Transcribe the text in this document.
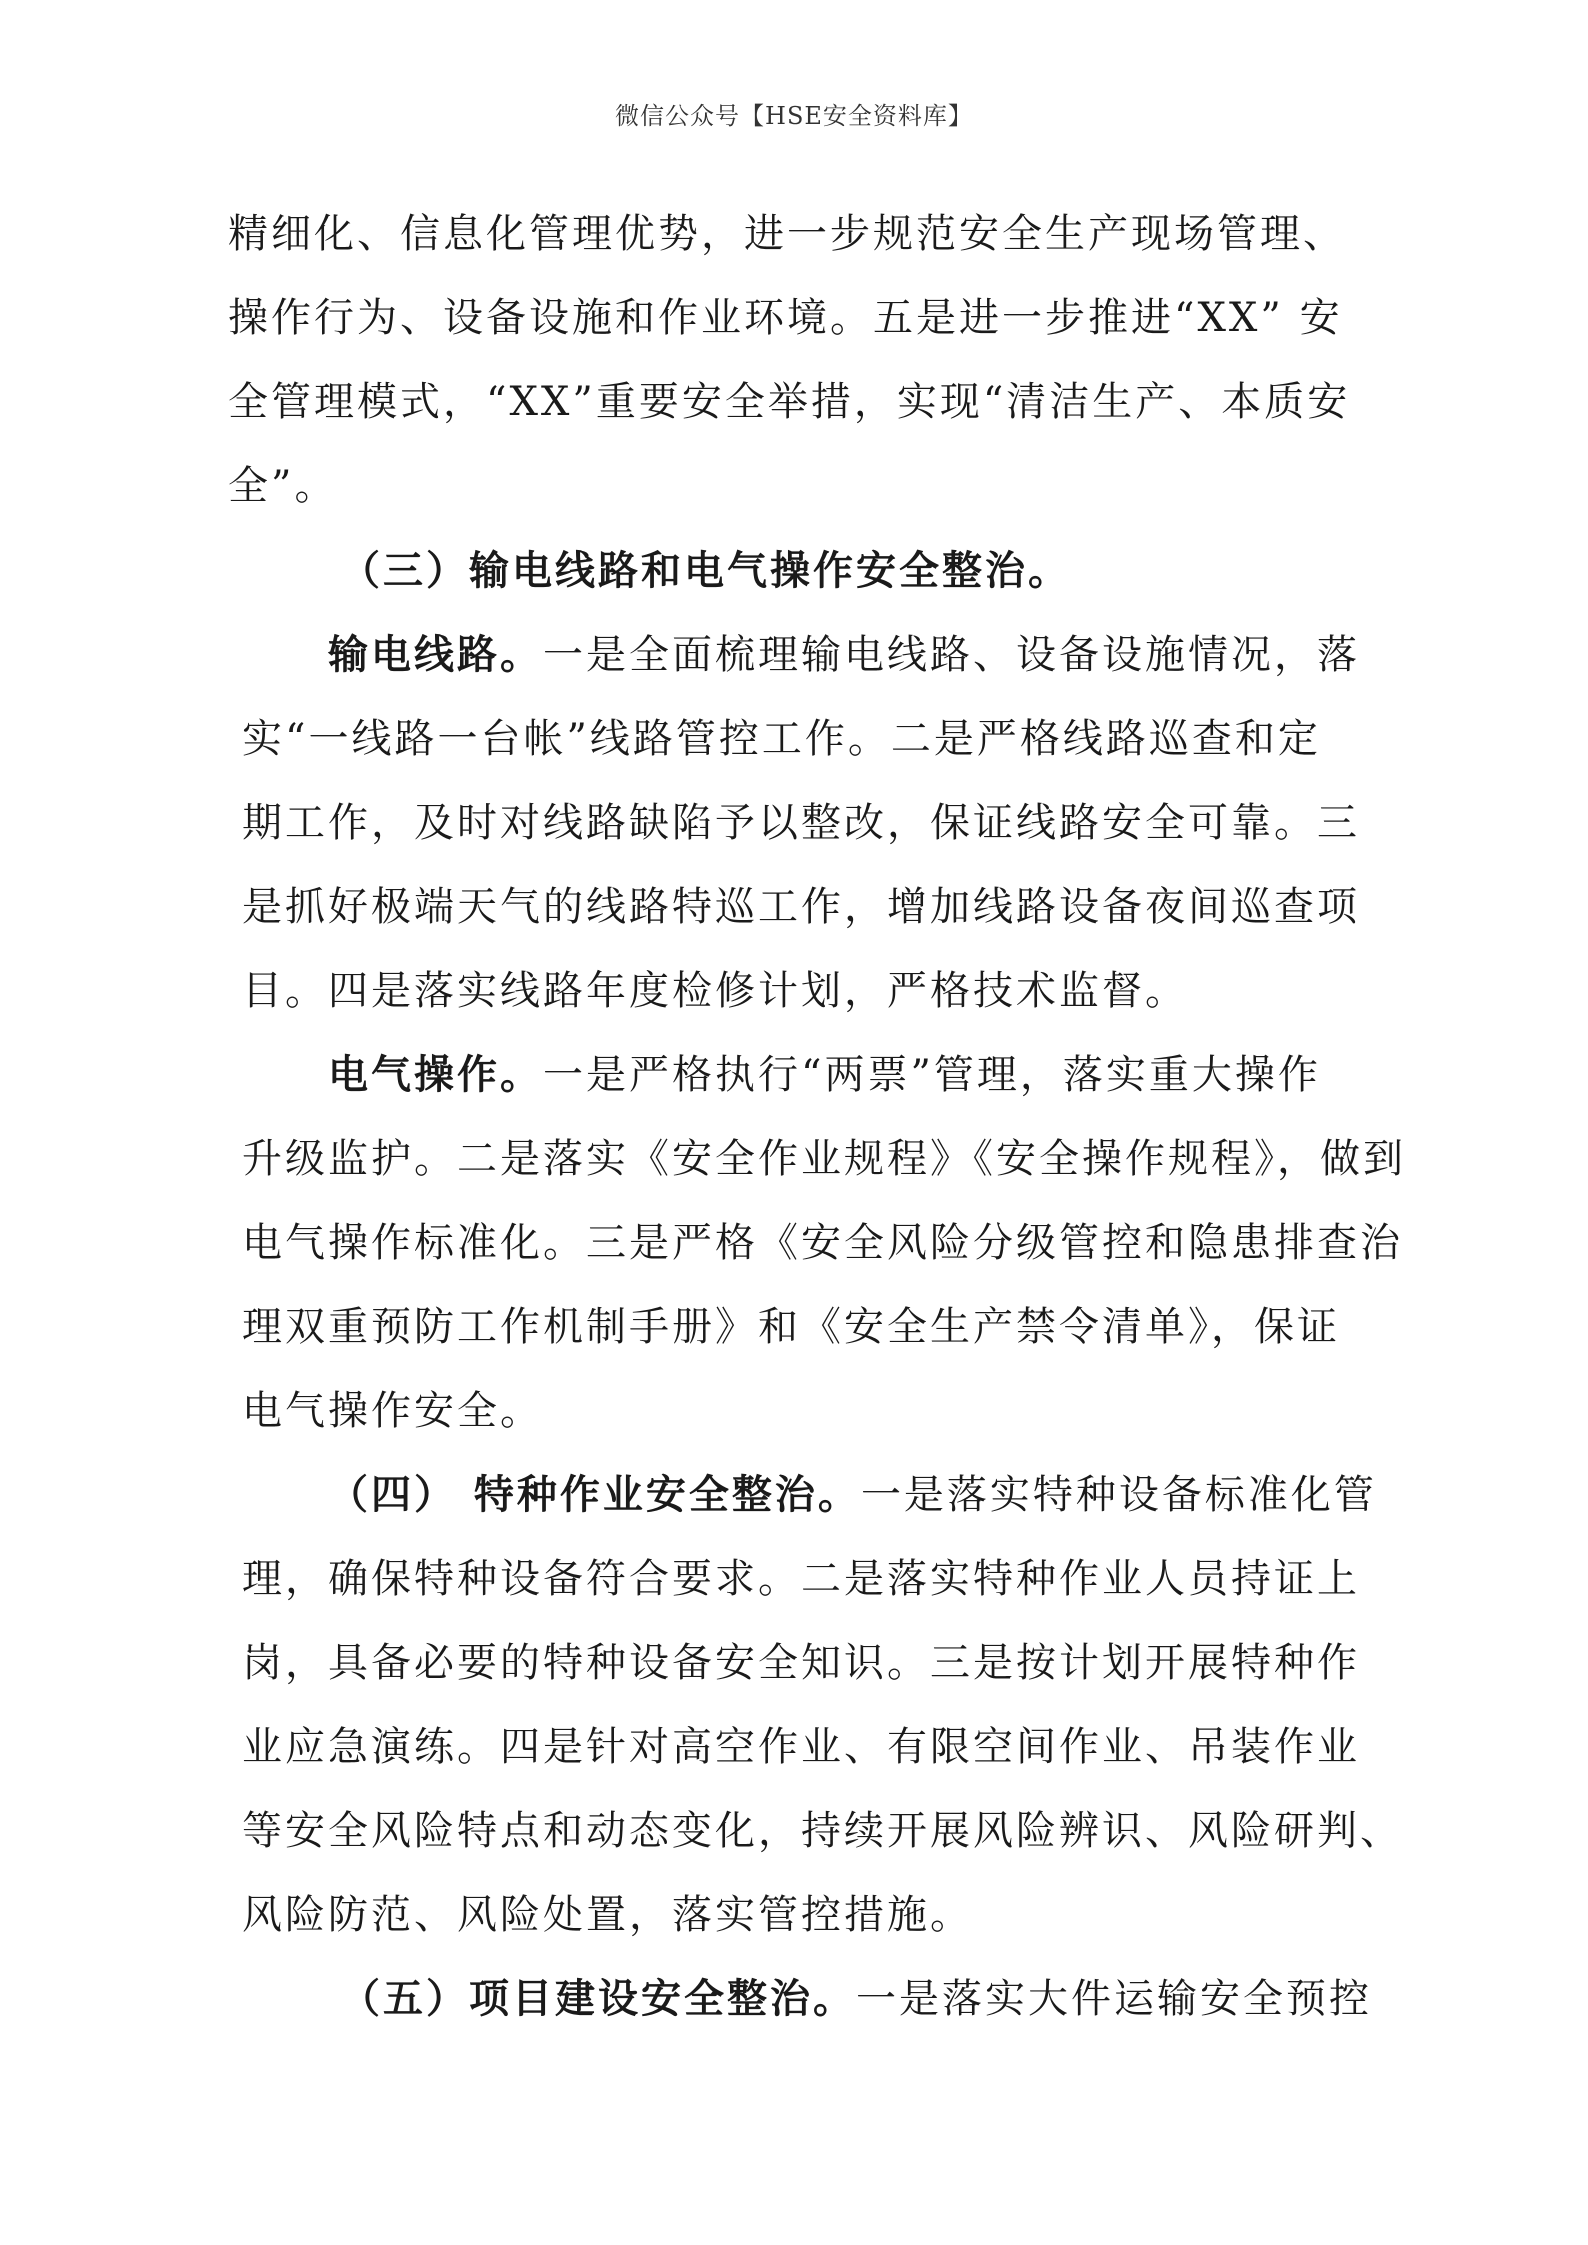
微信公众号【HSE安全资料库】
精细化、信息化管理优势，进一步规范安全生产现场管理、
操作行为、设备设施和作业环境。五是进一步推进“XX” 安
全管理模式，“XX”重要安全举措，实现“清洁生产、本质安
全”。
（三）输电线路和电气操作安全整治。
输电线路。一是全面梳理输电线路、设备设施情况，落
实“一线路一台帐”线路管控工作。二是严格线路巡查和定
期工作，及时对线路缺陷予以整改，保证线路安全可靠。三
是抓好极端天气的线路特巡工作，增加线路设备夜间巡查项
目。四是落实线路年度检修计划，严格技术监督。
电气操作。一是严格执行“两票”管理，落实重大操作
升级监护。二是落实《安全作业规程》《安全操作规程》，做到
电气操作标准化。三是严格《安全风险分级管控和隐患排查治
理双重预防工作机制手册》和《安全生产禁令清单》，保证
电气操作安全。
（四） 特种作业安全整治。一是落实特种设备标准化管
理，确保特种设备符合要求。二是落实特种作业人员持证上
岗，具备必要的特种设备安全知识。三是按计划开展特种作
业应急演练。四是针对高空作业、有限空间作业、吊装作业
等安全风险特点和动态变化，持续开展风险辨识、风险研判、
风险防范、风险处置，落实管控措施。
（五）项目建设安全整治。一是落实大件运输安全预控
